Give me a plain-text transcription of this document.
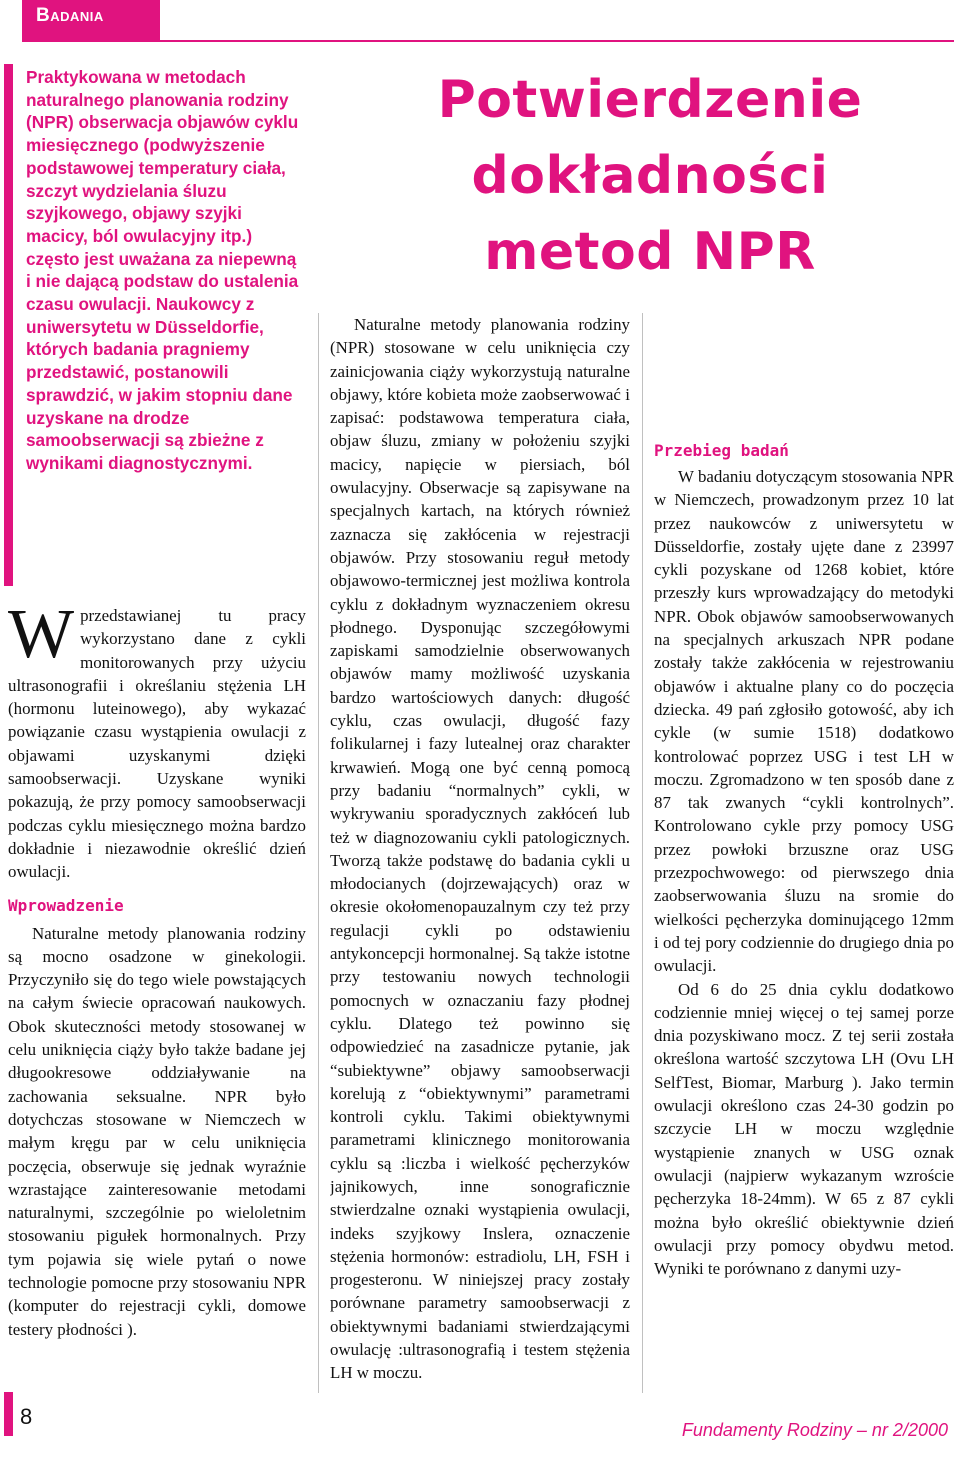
Badania

Praktykowana w metodach naturalnego planowania rodziny (NPR) obserwacja objawów cyklu miesięcznego (podwyższenie podstawowej temperatury ciała, szczyt wydzielania śluzu szyjkowego, objawy szyjki macicy, ból owulacyjny itp.) często jest uważana za niepewną i nie dającą podstaw do ustalenia czasu owulacji. Naukowcy z uniwersytetu w Düsseldorfie, których badania pragniemy przedstawić, postanowili sprawdzić, w jakim stopniu dane uzyskane na drodze samoobserwacji są zbieżne z wynikami diagnostycznymi.

Potwierdzenie dokładności metod NPR

Wprzedstawianej tu pracy wykorzystano dane z cykli monitorowanych przy użyciu ultrasonografii i określaniu stężenia LH (hormonu luteinowego), aby wykazać powiązanie czasu wystąpienia owulacji z objawami uzyskanymi dzięki samoobserwacji. Uzyskane wyniki pokazują, że przy pomocy samoobserwacji podczas cyklu miesięcznego można bardzo dokładnie i niezawodnie określić dzień owulacji.

Wprowadzenie

Naturalne metody planowania rodziny są mocno osadzone w ginekologii. Przyczyniło się do tego wiele powstających na całym świecie opracowań naukowych. Obok skuteczności metody stosowanej w celu uniknięcia ciąży było także badane jej długookresowe oddziaływanie na zachowania seksualne. NPR było dotychczas stosowane w Niemczech w małym kręgu par w celu uniknięcia poczęcia, obserwuje się jednak wyraźnie wzrastające zainteresowanie metodami naturalnymi, szczególnie po wieloletnim stosowaniu pigułek hormonalnych. Przy tym pojawia się wiele pytań o nowe technologie pomocne przy stosowaniu NPR (komputer do rejestracji cykli, domowe testery płodności ).

Naturalne metody planowania rodziny (NPR) stosowane w celu uniknięcia czy zainicjowania ciąży wykorzystują naturalne objawy, które kobieta może zaobserwować i zapisać: podstawowa temperatura ciała, objaw śluzu, zmiany w położeniu szyjki macicy, napięcie w piersiach, ból owulacyjny. Obserwacje są zapisywane na specjalnych kartach, na których również zaznacza się zakłócenia w rejestracji objawów. Przy stosowaniu reguł metody objawowo-termicznej jest możliwa kontrola cyklu z dokładnym wyznaczeniem okresu płodnego. Dysponując szczegółowymi zapiskami samodzielnie obserwowanych objawów mamy możliwość uzyskania bardzo wartościowych danych: długość cyklu, czas owulacji, długość fazy folikularnej i fazy lutealnej oraz charakter krwawień. Mogą one być cenną pomocą przy badaniu “normalnych” cykli, w wykrywaniu sporadycznych zakłóceń lub też w diagnozowaniu cykli patologicznych. Tworzą także podstawę do badania cykli u młodocianych (dojrzewających) oraz w okresie okołomenopauzalnym czy też przy regulacji cykli po odstawieniu antykoncepcji hormonalnej. Są także istotne przy testowaniu nowych technologii pomocnych w oznaczaniu fazy płodnej cyklu. Dlatego też powinno się odpowiedzieć na zasadnicze pytanie, jak “subiektywne” objawy samoobserwacji korelują z “obiektywnymi” parametrami kontroli cyklu. Takimi obiektywnymi parametrami klinicznego monitorowania cyklu są :liczba i wielkość pęcherzyków jajnikowych, inne sonograficznie stwierdzalne oznaki wystąpienia owulacji, indeks szyjkowy Inslera, oznaczenie stężenia hormonów: estradiolu, LH, FSH i progesteronu. W niniejszej pracy zostały porównane parametry samoobserwacji z obiektywnymi badaniami stwierdzającymi owulację :ultrasonografią i testem stężenia LH w moczu.

Przebieg badań

W badaniu dotyczącym stosowania NPR w Niemczech, prowadzonym przez 10 lat przez naukowców z uniwersytetu w Düsseldorfie, zostały ujęte dane z 23997 cykli pozyskane od 1268 kobiet, które przeszły kurs wprowadzający do metodyki NPR. Obok objawów samoobserwowanych na specjalnych arkuszach NPR podane zostały także zakłócenia w rejestrowaniu objawów i aktualne plany co do poczęcia dziecka. 49 pań zgłosiło gotowość, aby ich cykle (w sumie 1518) dodatkowo kontrolować poprzez USG i test LH w moczu. Zgromadzono w ten sposób dane z 87 tak zwanych “cykli kontrolnych”. Kontrolowano cykle przy pomocy USG przez powłoki brzuszne oraz USG przezpochwowego: od pierwszego dnia zaobserwowania śluzu na sromie do wielkości pęcherzyka dominującego 12mm i od tej pory codziennie do drugiego dnia po owulacji.

Od 6 do 25 dnia cyklu dodatkowo codziennie mniej więcej o tej samej porze dnia pozyskiwano mocz. Z tej serii została określona wartość szczytowa LH (Ovu LH SelfTest, Biomar, Marburg ). Jako termin owulacji określono czas 24-30 godzin po szczycie LH w moczu względnie wystąpienie znanych w USG oznak owulacji (najpierw wykazanym wzroście pęcherzyka 18-24mm). W 65 z 87 cykli można było określić obiektywnie dzień owulacji przy pomocy obydwu metod. Wyniki te porównano z danymi uzy-

8

Fundamenty Rodziny – nr 2/2000
